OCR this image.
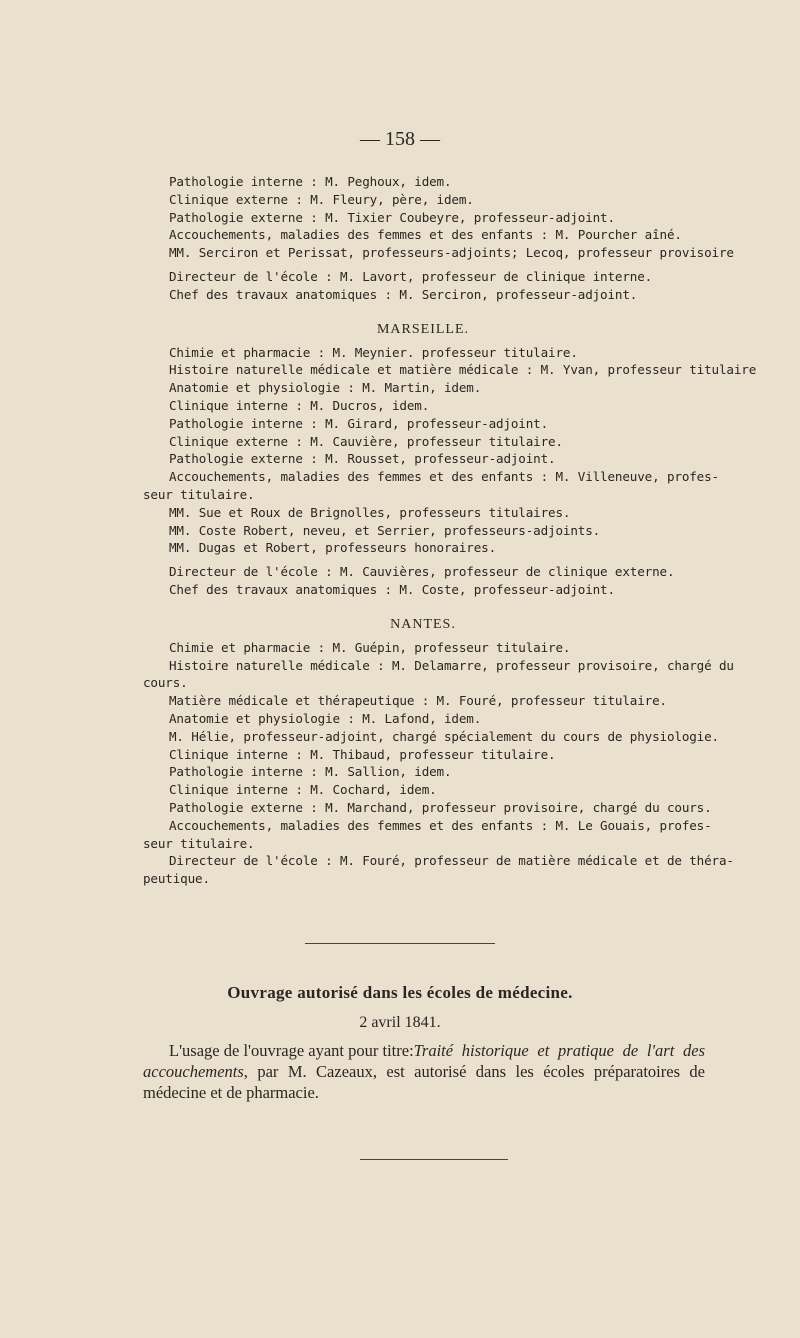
— 158 —
Pathologie interne : M. Peghoux, idem.
Clinique externe : M. Fleury, père, idem.
Pathologie externe : M. Tixier Coubeyre, professeur-adjoint.
Accouchements, maladies des femmes et des enfants : M. Pourcher aîné.
MM. Serciron et Perissat, professeurs-adjoints; Lecoq, professeur provisoire
Directeur de l'école : M. Lavort, professeur de clinique interne.
Chef des travaux anatomiques : M. Serciron, professeur-adjoint.
MARSEILLE.
Chimie et pharmacie : M. Meynier. professeur titulaire.
Histoire naturelle médicale et matière médicale : M. Yvan, professeur titulaire
Anatomie et physiologie : M. Martin, idem.
Clinique interne : M. Ducros, idem.
Pathologie interne : M. Girard, professeur-adjoint.
Clinique externe : M. Cauvière, professeur titulaire.
Pathologie externe : M. Rousset, professeur-adjoint.
Accouchements, maladies des femmes et des enfants : M. Villeneuve, profes-
seur titulaire.
MM. Sue et Roux de Brignolles, professeurs titulaires.
MM. Coste Robert, neveu, et Serrier, professeurs-adjoints.
MM. Dugas et Robert, professeurs honoraires.
Directeur de l'école : M. Cauvières, professeur de clinique externe.
Chef des travaux anatomiques : M. Coste, professeur-adjoint.
NANTES.
Chimie et pharmacie : M. Guépin, professeur titulaire.
Histoire naturelle médicale : M. Delamarre, professeur provisoire, chargé du
cours.
Matière médicale et thérapeutique : M. Fouré, professeur titulaire.
Anatomie et physiologie : M. Lafond, idem.
M. Hélie, professeur-adjoint, chargé spécialement du cours de physiologie.
Clinique interne : M. Thibaud, professeur titulaire.
Pathologie interne : M. Sallion, idem.
Clinique interne : M. Cochard, idem.
Pathologie externe : M. Marchand, professeur provisoire, chargé du cours.
Accouchements, maladies des femmes et des enfants : M. Le Gouais, profes-
seur titulaire.
Directeur de l'école : M. Fouré, professeur de matière médicale et de théra-
peutique.
Ouvrage autorisé dans les écoles de médecine.
2 avril 1841.
L'usage de l'ouvrage ayant pour titre:Traité historique et pratique de l'art des accouchements, par M. Cazeaux, est autorisé dans les écoles préparatoires de médecine et de pharmacie.
